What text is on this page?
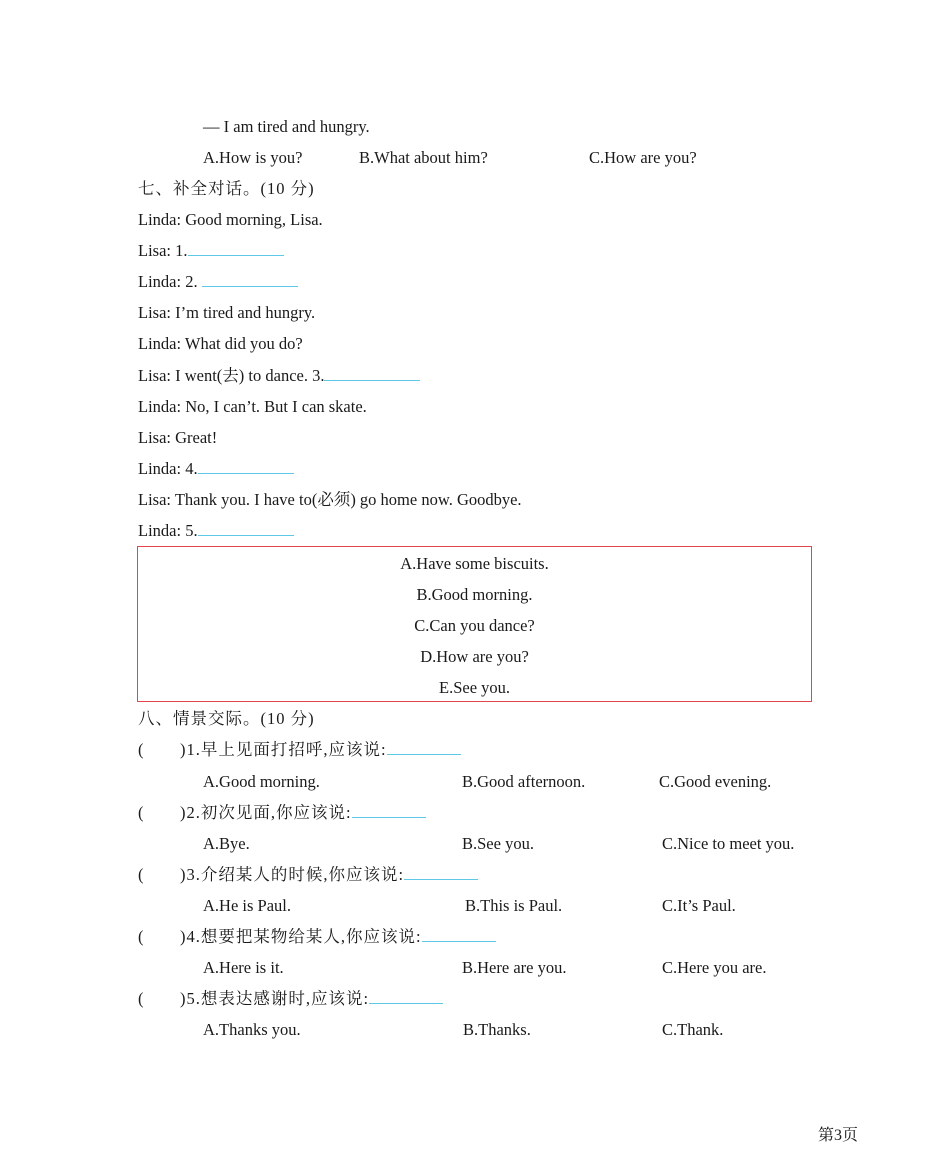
— I am tired and hungry.
A.How is you?	B.What about him?	C.How are you?
七、补全对话。(10 分)
Linda: Good morning, Lisa.
Lisa: 1.
Linda: 2.
Lisa: I’m tired and hungry.
Linda: What did you do?
Lisa: I went(去) to dance. 3.
Linda: No, I can’t. But I can skate.
Lisa: Great!
Linda: 4.
Lisa: Thank you. I have to(必须) go home now. Goodbye.
Linda: 5.
A.Have some biscuits.
B.Good morning.
C.Can you dance?
D.How are you?
E.See you.
八、情景交际。(10 分)
( )1.早上见面打招呼,应该说:
A.Good morning.	B.Good afternoon.	C.Good evening.
( )2.初次见面,你应该说:
A.Bye.	B.See you.	C.Nice to meet you.
( )3.介绍某人的时候,你应该说:
A.He is Paul.	B.This is Paul.	C.It’s Paul.
( )4.想要把某物给某人,你应该说:
A.Here is it.	B.Here are you.	C.Here you are.
( )5.想表达感谢时,应该说:
A.Thanks you.	B.Thanks.	C.Thank.
第3页
